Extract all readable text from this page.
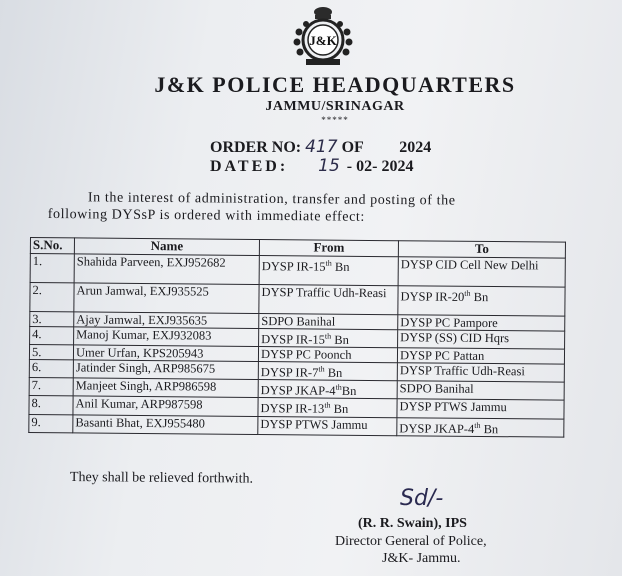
J&K
J&K POLICE HEADQUARTERS
JAMMU/SRINAGAR
*****
ORDER NO: 417 OF 2024
DATED: 15 - 02- 2024
In the interest of administration, transfer and posting of the
following DYSsP is ordered with immediate effect:
S.No.	Name	From	To
1.	Shahida Parveen, EXJ952682	DYSP IR-15th Bn	DYSP CID Cell New Delhi
2.	Arun Jamwal, EXJ935525	DYSP Traffic Udh-Reasi	DYSP IR-20th Bn
3.	Ajay Jamwal, EXJ935635	SDPO Banihal	DYSP PC Pampore
4.	Manoj Kumar, EXJ932083	DYSP IR-15th Bn	DYSP (SS) CID Hqrs
5.	Umer Urfan, KPS205943	DYSP PC Poonch	DYSP PC Pattan
6.	Jatinder Singh, ARP985675	DYSP IR-7th Bn	DYSP Traffic Udh-Reasi
7.	Manjeet Singh, ARP986598	DYSP JKAP-4thBn	SDPO Banihal
8.	Anil Kumar, ARP987598	DYSP IR-13th Bn	DYSP PTWS Jammu
9.	Basanti Bhat, EXJ955480	DYSP PTWS Jammu	DYSP JKAP-4th Bn
They shall be relieved forthwith.
Sd/-
(R. R. Swain), IPS
Director General of Police,
J&K- Jammu.
